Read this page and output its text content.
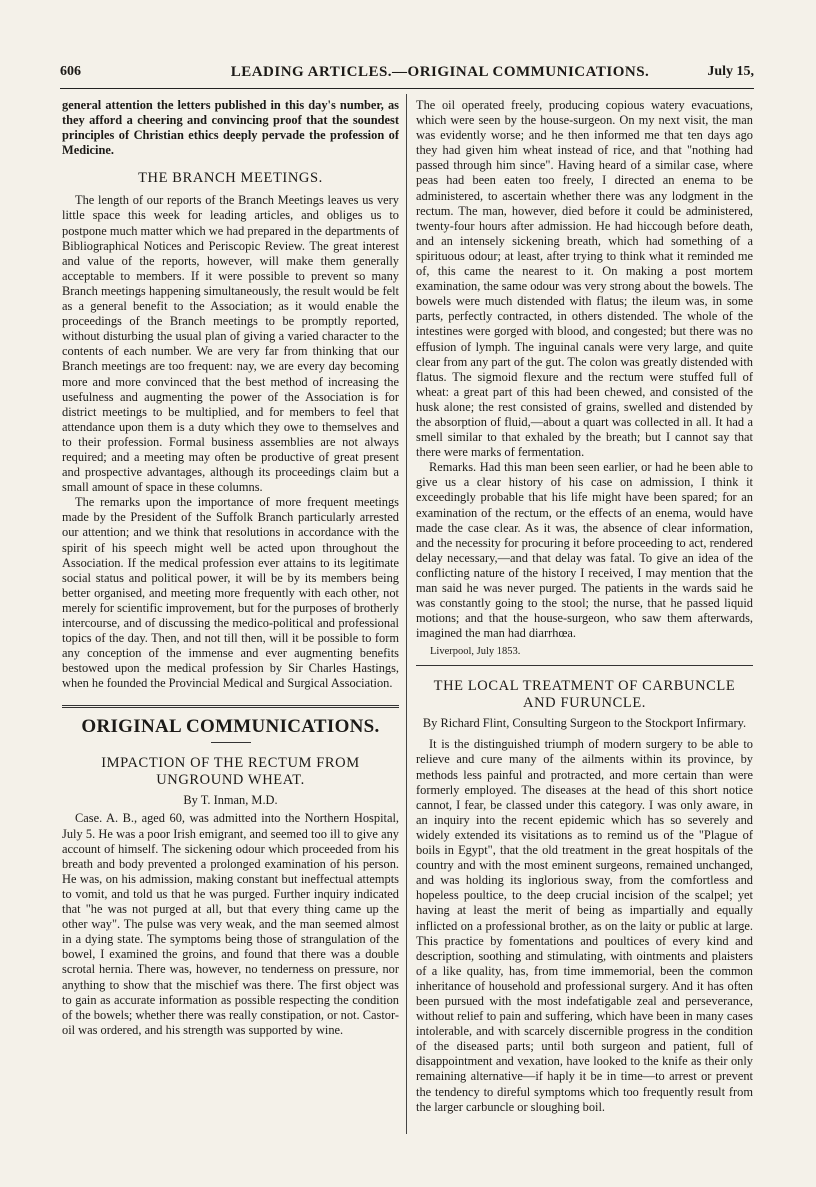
606	LEADING ARTICLES.—ORIGINAL COMMUNICATIONS.	July 15,

general attention the letters published in this day's number, as they afford a cheering and convincing proof that the soundest principles of Christian ethics deeply pervade the profession of Medicine.

THE BRANCH MEETINGS.

The length of our reports of the Branch Meetings leaves us very little space this week for leading articles, and obliges us to postpone much matter which we had prepared in the departments of Bibliographical Notices and Periscopic Review. The great interest and value of the reports, however, will make them generally acceptable to members. If it were possible to prevent so many Branch meetings happening simultaneously, the result would be felt as a general benefit to the Association; as it would enable the proceedings of the Branch meetings to be promptly reported, without disturbing the usual plan of giving a varied character to the contents of each number. We are very far from thinking that our Branch meetings are too frequent: nay, we are every day becoming more and more convinced that the best method of increasing the usefulness and augmenting the power of the Association is for district meetings to be multiplied, and for members to feel that attendance upon them is a duty which they owe to themselves and to their profession. Formal business assemblies are not always required; and a meeting may often be productive of great present and prospective advantages, although its proceedings claim but a small amount of space in these columns.

The remarks upon the importance of more frequent meetings made by the President of the Suffolk Branch particularly arrested our attention; and we think that resolutions in accordance with the spirit of his speech might well be acted upon throughout the Association. If the medical profession ever attains to its legitimate social status and political power, it will be by its members being better organised, and meeting more frequently with each other, not merely for scientific improvement, but for the purposes of brotherly intercourse, and of discussing the medico-political and professional topics of the day. Then, and not till then, will it be possible to form any conception of the immense and ever augmenting benefits bestowed upon the medical profession by Sir Charles Hastings, when he founded the Provincial Medical and Surgical Association.

ORIGINAL COMMUNICATIONS.
IMPACTION OF THE RECTUM FROM UNGROUND WHEAT.
By T. Inman, M.D.

Case. A. B., aged 60, was admitted into the Northern Hospital, July 5. He was a poor Irish emigrant, and seemed too ill to give any account of himself. The sickening odour which proceeded from his breath and body prevented a prolonged examination of his person. He was, on his admission, making constant but ineffectual attempts to vomit, and told us that he was purged. Further inquiry indicated that "he was not purged at all, but that every thing came up the other way". The pulse was very weak, and the man seemed almost in a dying state. The symptoms being those of strangulation of the bowel, I examined the groins, and found that there was a double scrotal hernia. There was, however, no tenderness on pressure, nor anything to show that the mischief was there. The first object was to gain as accurate information as possible respecting the condition of the bowels; whether there was really constipation, or not. Castor-oil was ordered, and his strength was supported by wine.

The oil operated freely, producing copious watery evacuations, which were seen by the house-surgeon. On my next visit, the man was evidently worse; and he then informed me that ten days ago they had given him wheat instead of rice, and that "nothing had passed through him since". Having heard of a similar case, where peas had been eaten too freely, I directed an enema to be administered, to ascertain whether there was any lodgment in the rectum. The man, however, died before it could be administered, twenty-four hours after admission. He had hiccough before death, and an intensely sickening breath, which had something of a spirituous odour; at least, after trying to think what it reminded me of, this came the nearest to it. On making a post mortem examination, the same odour was very strong about the bowels. The bowels were much distended with flatus; the ileum was, in some parts, perfectly contracted, in others distended. The whole of the intestines were gorged with blood, and congested; but there was no effusion of lymph. The inguinal canals were very large, and quite clear from any part of the gut. The colon was greatly distended with flatus. The sigmoid flexure and the rectum were stuffed full of wheat: a great part of this had been chewed, and consisted of the husk alone; the rest consisted of grains, swelled and distended by the absorption of fluid,—about a quart was collected in all. It had a smell similar to that exhaled by the breath; but I cannot say that there were marks of fermentation.

Remarks. Had this man been seen earlier, or had he been able to give us a clear history of his case on admission, I think it exceedingly probable that his life might have been spared; for an examination of the rectum, or the effects of an enema, would have made the case clear. As it was, the absence of clear information, and the necessity for procuring it before proceeding to act, rendered delay necessary,—and that delay was fatal. To give an idea of the conflicting nature of the history I received, I may mention that the man said he was never purged. The patients in the wards said he was constantly going to the stool; the nurse, that he passed liquid motions; and that the house-surgeon, who saw them afterwards, imagined the man had diarrhœa.

Liverpool, July 1853.
THE LOCAL TREATMENT OF CARBUNCLE AND FURUNCLE.
By Richard Flint, Consulting Surgeon to the Stockport Infirmary.

It is the distinguished triumph of modern surgery to be able to relieve and cure many of the ailments within its province, by methods less painful and protracted, and more certain than were formerly employed. The diseases at the head of this short notice cannot, I fear, be classed under this category. I was only aware, in an inquiry into the recent epidemic which has so severely and widely extended its visitations as to remind us of the "Plague of boils in Egypt", that the old treatment in the great hospitals of the country and with the most eminent surgeons, remained unchanged, and was holding its inglorious sway, from the comfortless and hopeless poultice, to the deep crucial incision of the scalpel; yet having at least the merit of being as impartially and equally inflicted on a professional brother, as on the laity or public at large. This practice by fomentations and poultices of every kind and description, soothing and stimulating, with ointments and plaisters of a like quality, has, from time immemorial, been the common inheritance of household and professional surgery. And it has often been pursued with the most indefatigable zeal and perseverance, without relief to pain and suffering, which have been in many cases intolerable, and with scarcely discernible progress in the condition of the diseased parts; until both surgeon and patient, full of disappointment and vexation, have looked to the knife as their only remaining alternative—if haply it be in time—to arrest or prevent the tendency to direful symptoms which too frequently result from the larger carbuncle or sloughing boil.
